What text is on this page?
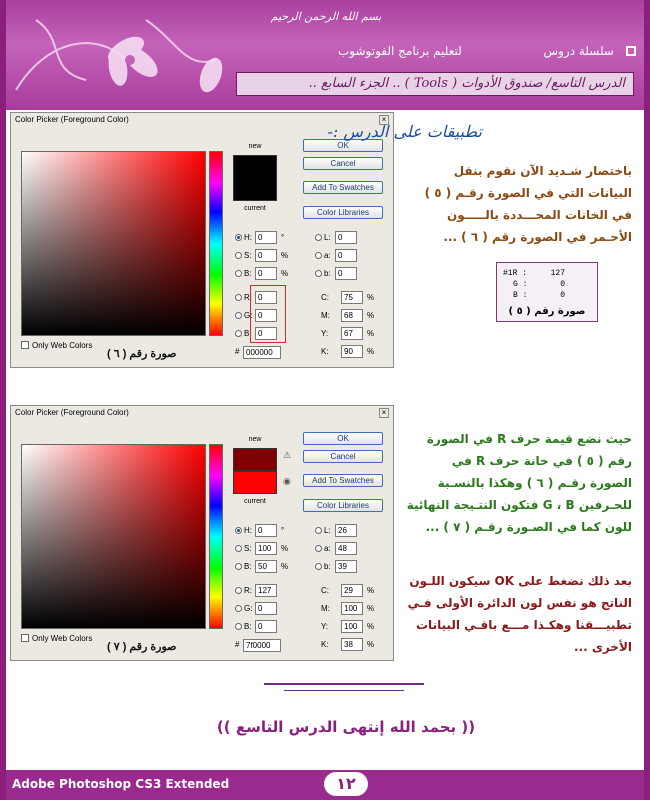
بسم الله الرحمن الرحيم
سلسلة دروس
لتعليم برنامج الفوتوشوب
الدرس التاسع/ صندوق الأدوات ( Tools ) .. الجزء السابع ..
Color Picker (Foreground Color)	×
new
current
OK
Cancel
Add To Swatches
Color Libraries
H: 0	°
S: 0	%
B: 0	%
R: 0
G: 0
B: 0
L: 0
a: 0
b: 0
C:	75	%
M:	68	%
Y:	67	%
K:	90	%
Only Web Colors
# 000000
صورة رقم ( ٦ )
تطبيقات على الدرس :-
باختصار شـديد الآن نقوم بنقل البيانات التي في الصورة رقـم ( ٥ ) في الخانات المحـــددة بالـــــون الأحـمر في الصورة رقم ( ٦ ) ...
#1R :	127
G :	0
B :	0
صورة رقم ( ٥ )
Color Picker (Foreground Color)	×
new
current
⚠
◉
OK
Cancel
Add To Swatches
Color Libraries
H: 0	°
S: 100	%
B: 50	%
R: 127
G: 0
B: 0
L: 26
a: 48
b: 39
C:	29	%
M:	100	%
Y:	100	%
K:	38	%
Only Web Colors
# 7f0000
صورة رقم ( ٧ )
حيث نضع قيمة حرف R في الصورة رقم ( ٥ ) في خانة حرف R في الصورة رقـم ( ٦ ) وهكذا بالنسـبة للحـرفين G ، B فتكون النتـيجة النهائية للون كما في الصـورة رقـم ( ٧ ) ...
بعد ذلك نضغط على OK سيكون اللـون الناتج هو نفس لون الدائرة الأولى فـي تطبيـــقنا وهكـذا مـــع باقـي البيانات الأخرى ...
(( بحمد الله إنتهى الدرس التاسع ))
Adobe Photoshop CS3 Extended	١٢
